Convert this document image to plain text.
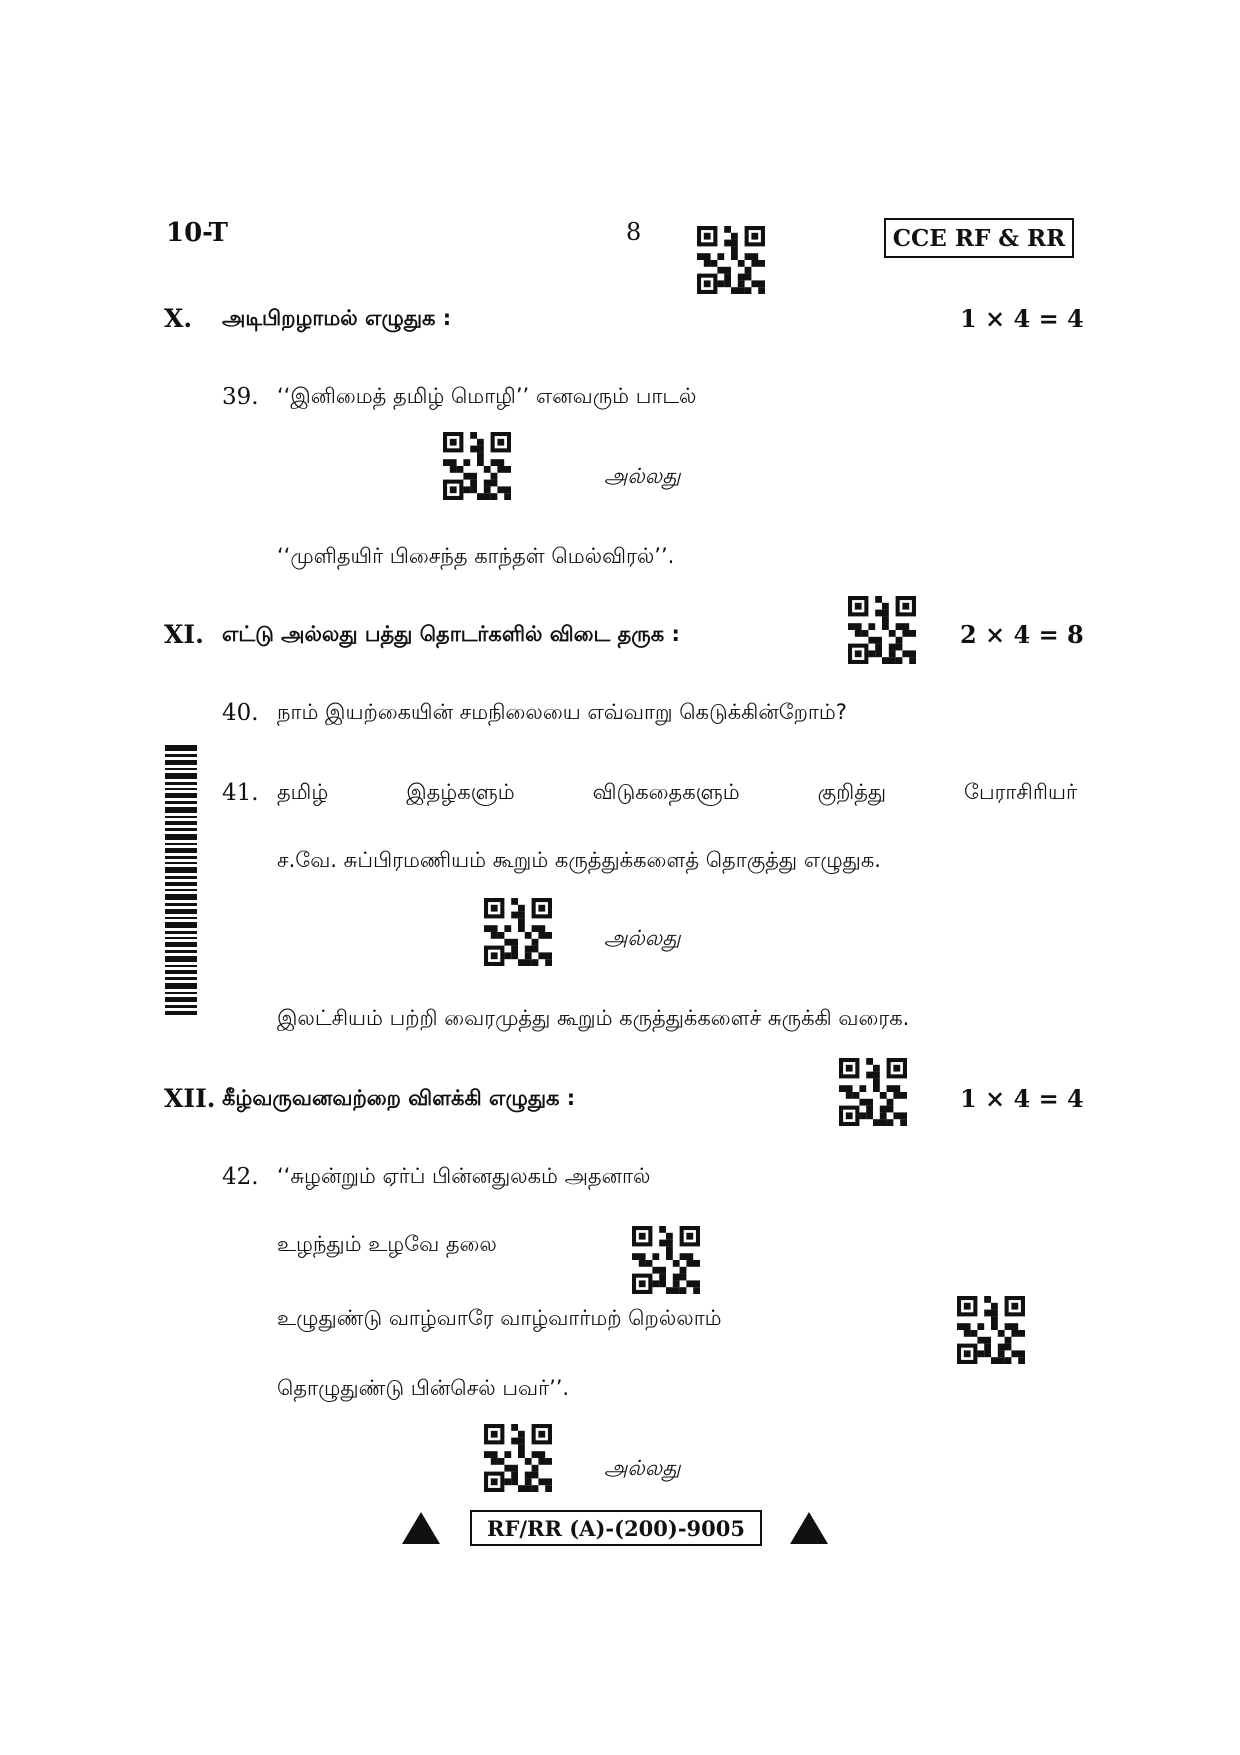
10-T	8	CCE RF & RR
X. அடிபிறழாமல் எழுதுக :	1 × 4 = 4
39. ‘‘இனிமைத் தமிழ் மொழி’’ எனவரும் பாடல்
அல்லது
‘‘முளிதயிர் பிசைந்த காந்தள் மெல்விரல்’’.
XI. எட்டு அல்லது பத்து தொடர்களில் விடை தருக :	2 × 4 = 8
40. நாம் இயற்கையின் சமநிலையை எவ்வாறு கெடுக்கின்றோம்?
41. தமிழ்	இதழ்களும்	விடுகதைகளும்	குறித்து	பேராசிரியர்
ச.வே. சுப்பிரமணியம் கூறும் கருத்துக்களைத் தொகுத்து எழுதுக.
அல்லது
இலட்சியம் பற்றி வைரமுத்து கூறும் கருத்துக்களைச் சுருக்கி வரைக.
XII. கீழ்வருவனவற்றை விளக்கி எழுதுக :	1 × 4 = 4
42. ‘‘சுழன்றும் ஏர்ப் பின்னதுலகம் அதனால்
உழந்தும் உழவே தலை
உழுதுண்டு வாழ்வாரே வாழ்வார்மற் றெல்லாம்
தொழுதுண்டு பின்செல் பவர்’’.
அல்லது
RF/RR (A)-(200)-9005
